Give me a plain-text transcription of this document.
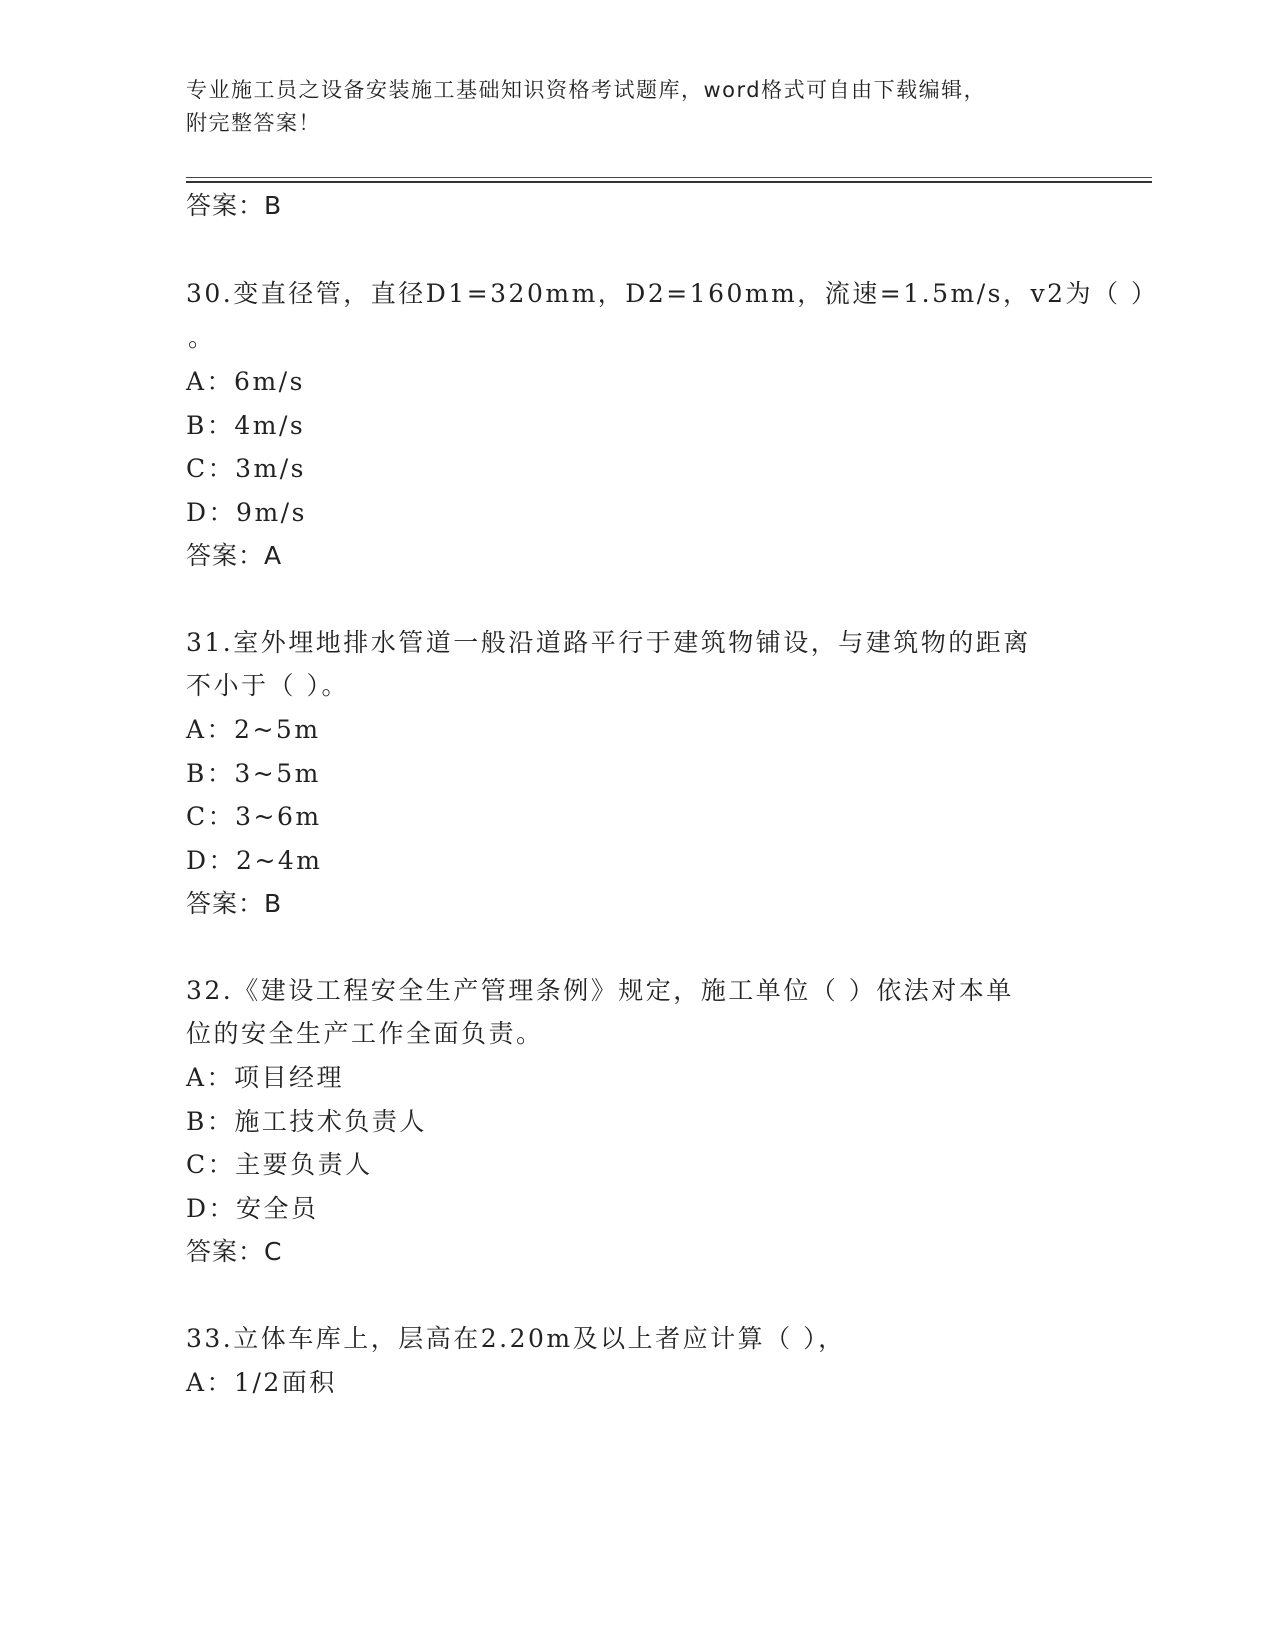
专业施工员之设备安装施工基础知识资格考试题库，word格式可自由下载编辑，
附完整答案！
答案：B
30.变直径管，直径D1=320mm，D2=160mm，流速=1.5m/s，v2为（ ）
。
A：6m/s
B：4m/s
C：3m/s
D：9m/s
答案：A
31.室外埋地排水管道一般沿道路平行于建筑物铺设，与建筑物的距离
不小于（ ）。
A：2~5m
B：3~5m
C：3~6m
D：2~4m
答案：B
32.《建设工程安全生产管理条例》规定，施工单位（ ）依法对本单
位的安全生产工作全面负责。
A：项目经理
B：施工技术负责人
C：主要负责人
D：安全员
答案：C
33.立体车库上，层高在2.20m及以上者应计算（ ），
A：1/2面积
